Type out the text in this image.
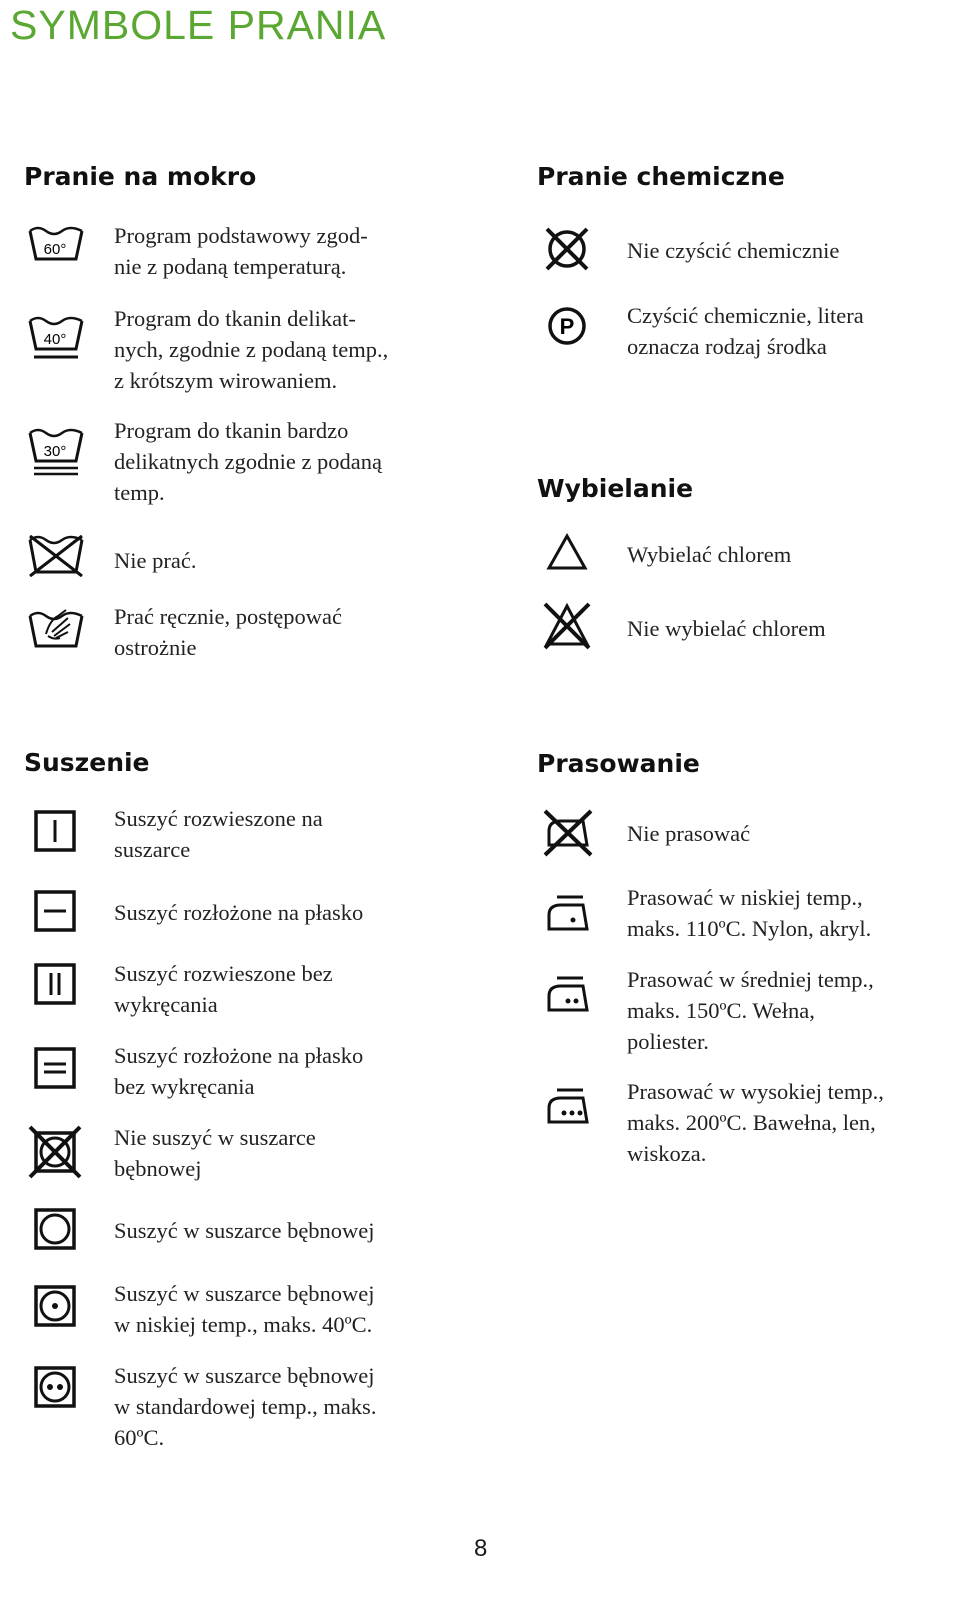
SYMBOLE PRANIA
Pranie na mokro
60°
Program podstawowy zgod-
nie z podaną temperaturą.
40°
Program do tkanin delikat-
nych, zgodnie z podaną temp.,
z krótszym wirowaniem.
30°
Program do tkanin bardzo
delikatnych zgodnie z podaną
temp.
Nie prać.
Prać ręcznie, postępować
ostrożnie
Pranie chemiczne
Nie czyścić chemicznie
P Czyścić chemicznie, litera
oznacza rodzaj środka
Wybielanie
Wybielać chlorem
Nie wybielać chlorem
Suszenie
Suszyć rozwieszone na
suszarce
Suszyć rozłożone na płasko
Suszyć rozwieszone bez
wykręcania
Suszyć rozłożone na płasko
bez wykręcania
Nie suszyć w suszarce
bębnowej
Suszyć w suszarce bębnowej
Suszyć w suszarce bębnowej
w niskiej temp., maks. 40ºC.
Suszyć w suszarce bębnowej
w standardowej temp., maks.
60ºC.
Prasowanie
Nie prasować
Prasować w niskiej temp.,
maks. 110ºC. Nylon, akryl.
Prasować w średniej temp.,
maks. 150ºC. Wełna,
poliester.
Prasować w wysokiej temp.,
maks. 200ºC. Bawełna, len,
wiskoza.
8
